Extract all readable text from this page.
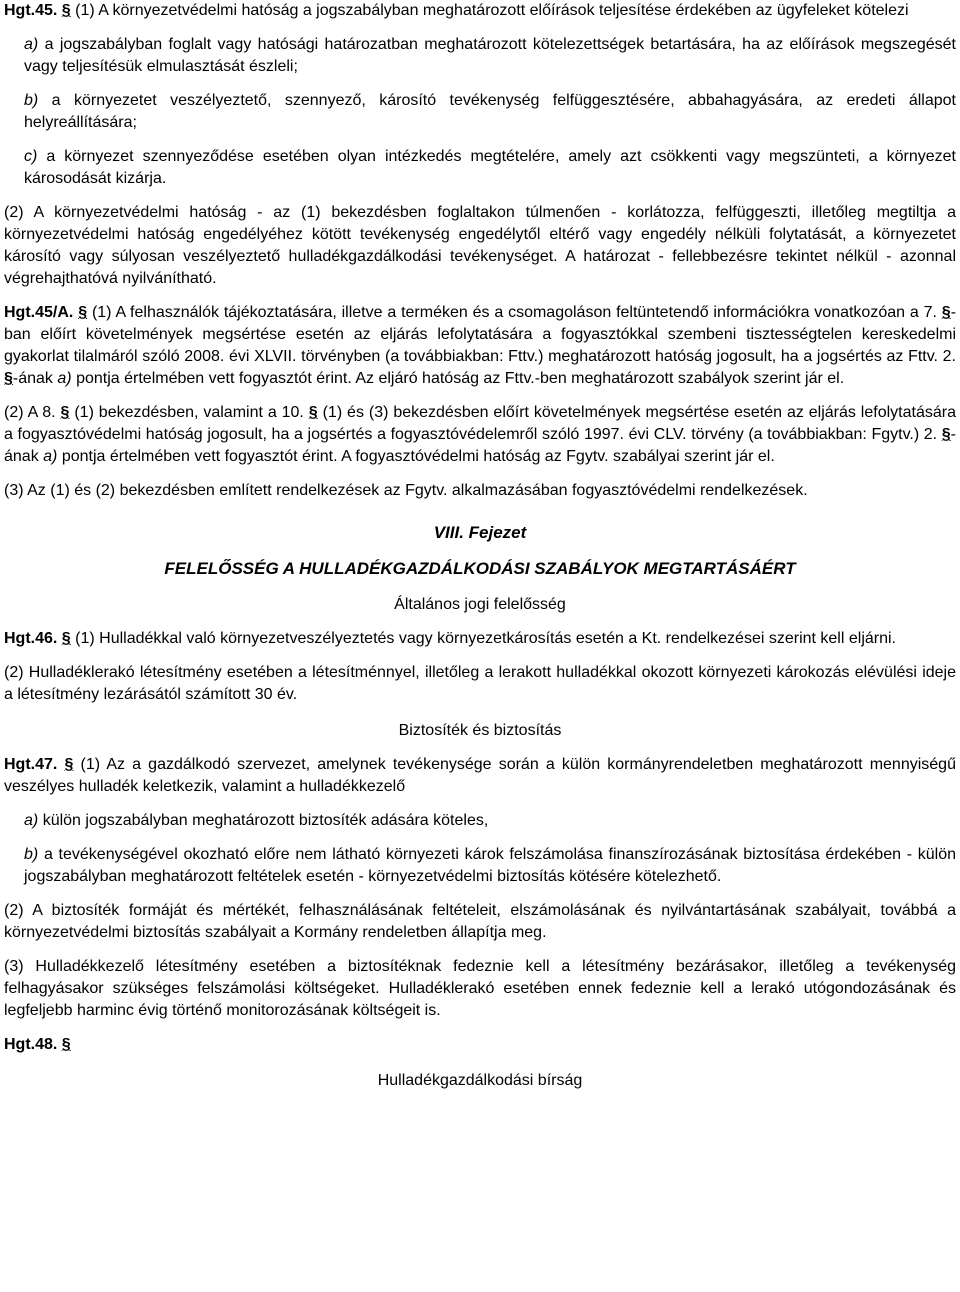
Hgt.45. § (1) A környezetvédelmi hatóság a jogszabályban meghatározott előírások teljesítése érdekében az ügyfeleket kötelezi

a) a jogszabályban foglalt vagy hatósági határozatban meghatározott kötelezettségek betartására, ha az előírások megszegését vagy teljesítésük elmulasztását észleli;

b) a környezetet veszélyeztető, szennyező, károsító tevékenység felfüggesztésére, abbahagyására, az eredeti állapot helyreállítására;

c) a környezet szennyeződése esetében olyan intézkedés megtételére, amely azt csökkenti vagy megszünteti, a környezet károsodását kizárja.

(2) A környezetvédelmi hatóság - az (1) bekezdésben foglaltakon túlmenően - korlátozza, felfüggeszti, illetőleg megtiltja a környezetvédelmi hatóság engedélyéhez kötött tevékenység engedélytől eltérő vagy engedély nélküli folytatását, a környezetet károsító vagy súlyosan veszélyeztető hulladékgazdálkodási tevékenységet. A határozat - fellebbezésre tekintet nélkül - azonnal végrehajthatóvá nyilvánítható.

Hgt.45/A. § (1) A felhasználók tájékoztatására, illetve a terméken és a csomagoláson feltüntetendő információkra vonatkozóan a 7. §-ban előírt követelmények megsértése esetén az eljárás lefolytatására a fogyasztókkal szembeni tisztességtelen kereskedelmi gyakorlat tilalmáról szóló 2008. évi XLVII. törvényben (a továbbiakban: Fttv.) meghatározott hatóság jogosult, ha a jogsértés az Fttv. 2. §-ának a) pontja értelmében vett fogyasztót érint. Az eljáró hatóság az Fttv.-ben meghatározott szabályok szerint jár el.

(2) A 8. § (1) bekezdésben, valamint a 10. § (1) és (3) bekezdésben előírt követelmények megsértése esetén az eljárás lefolytatására a fogyasztóvédelmi hatóság jogosult, ha a jogsértés a fogyasztóvédelemről szóló 1997. évi CLV. törvény (a továbbiakban: Fgytv.) 2. §-ának a) pontja értelmében vett fogyasztót érint. A fogyasztóvédelmi hatóság az Fgytv. szabályai szerint jár el.

(3) Az (1) és (2) bekezdésben említett rendelkezések az Fgytv. alkalmazásában fogyasztóvédelmi rendelkezések.

VIII. Fejezet

FELELŐSSÉG A HULLADÉKGAZDÁLKODÁSI SZABÁLYOK MEGTARTÁSÁÉRT

Általános jogi felelősség

Hgt.46. § (1) Hulladékkal való környezetveszélyeztetés vagy környezetkárosítás esetén a Kt. rendelkezései szerint kell eljárni.

(2) Hulladéklerakó létesítmény esetében a létesítménnyel, illetőleg a lerakott hulladékkal okozott környezeti károkozás elévülési ideje a létesítmény lezárásától számított 30 év.

Biztosíték és biztosítás

Hgt.47. § (1) Az a gazdálkodó szervezet, amelynek tevékenysége során a külön kormányrendeletben meghatározott mennyiségű veszélyes hulladék keletkezik, valamint a hulladékkezelő

a) külön jogszabályban meghatározott biztosíték adására köteles,

b) a tevékenységével okozható előre nem látható környezeti károk felszámolása finanszírozásának biztosítása érdekében - külön jogszabályban meghatározott feltételek esetén - környezetvédelmi biztosítás kötésére kötelezhető.

(2) A biztosíték formáját és mértékét, felhasználásának feltételeit, elszámolásának és nyilvántartásának szabályait, továbbá a környezetvédelmi biztosítás szabályait a Kormány rendeletben állapítja meg.

(3) Hulladékkezelő létesítmény esetében a biztosítéknak fedeznie kell a létesítmény bezárásakor, illetőleg a tevékenység felhagyásakor szükséges felszámolási költségeket. Hulladéklerakó esetében ennek fedeznie kell a lerakó utógondozásának és legfeljebb harminc évig történő monitorozásának költségeit is.

Hgt.48. §

Hulladékgazdálkodási bírság
